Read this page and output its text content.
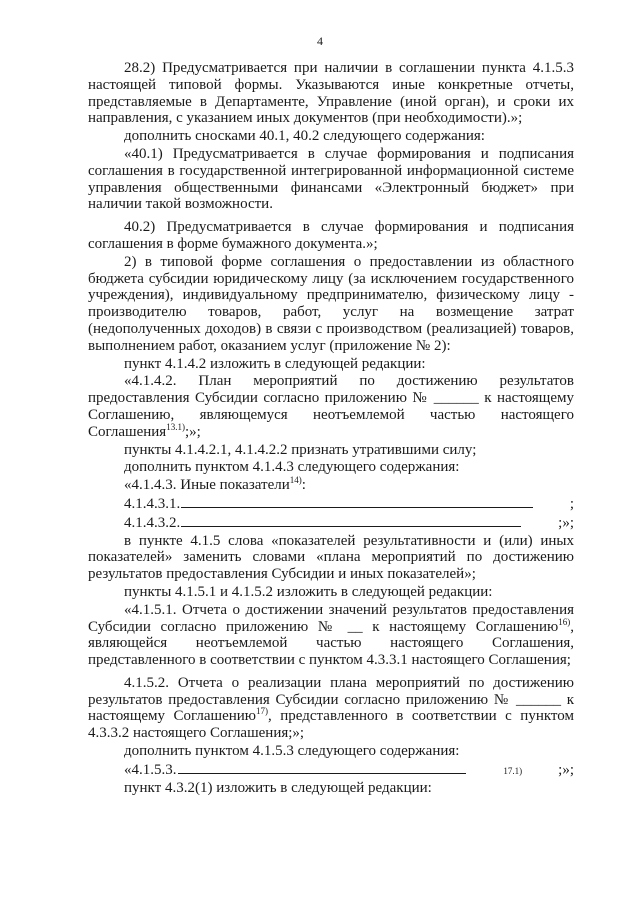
4

28.2) Предусматривается при наличии в соглашении пункта 4.1.5.3 настоящей типовой формы. Указываются иные конкретные отчеты, представляемые в Департаменте, Управление (иной орган), и сроки их направления, с указанием иных документов (при необходимости).»;

дополнить сносками 40.1, 40.2 следующего содержания:

«40.1) Предусматривается в случае формирования и подписания соглашения в государственной интегрированной информационной системе управления общественными финансами «Электронный бюджет» при наличии такой возможности.

40.2) Предусматривается в случае формирования и подписания соглашения в форме бумажного документа.»;

2) в типовой форме соглашения о предоставлении из областного бюджета субсидии юридическому лицу (за исключением государственного учреждения), индивидуальному предпринимателю, физическому лицу - производителю товаров, работ, услуг на возмещение затрат (недополученных доходов) в связи с производством (реализацией) товаров, выполнением работ, оказанием услуг (приложение № 2):

пункт 4.1.4.2 изложить в следующей редакции:

«4.1.4.2. План мероприятий по достижению результатов предоставления Субсидии согласно приложению № ______ к настоящему Соглашению, являющемуся неотъемлемой частью настоящего Соглашения$^{13.1)}$;»;

пункты 4.1.4.2.1, 4.1.4.2.2 признать утратившими силу;

дополнить пунктом 4.1.4.3 следующего содержания:

«4.1.4.3. Иные показатели$^{14)}$:

4.1.4.3.1.	;

4.1.4.3.2.	;»;

в пункте 4.1.5 слова «показателей результативности и (или) иных показателей» заменить словами «плана мероприятий по достижению результатов предоставления Субсидии и иных показателей»;

пункты 4.1.5.1 и 4.1.5.2 изложить в следующей редакции:

«4.1.5.1. Отчета о достижении значений результатов предоставления Субсидии согласно приложению № __ к настоящему Соглашению$^{16)}$, являющейся неотъемлемой частью настоящего Соглашения, представленного в соответствии с пунктом 4.3.3.1 настоящего Соглашения;

4.1.5.2. Отчета о реализации плана мероприятий по достижению результатов предоставления Субсидии согласно приложению № ______ к настоящему Соглашению$^{17)}$, представленного в соответствии с пунктом 4.3.3.2 настоящего Соглашения;»;

дополнить пунктом 4.1.5.3 следующего содержания:

«4.1.5.3.	17.1)	;»;

пункт 4.3.2(1) изложить в следующей редакции:
